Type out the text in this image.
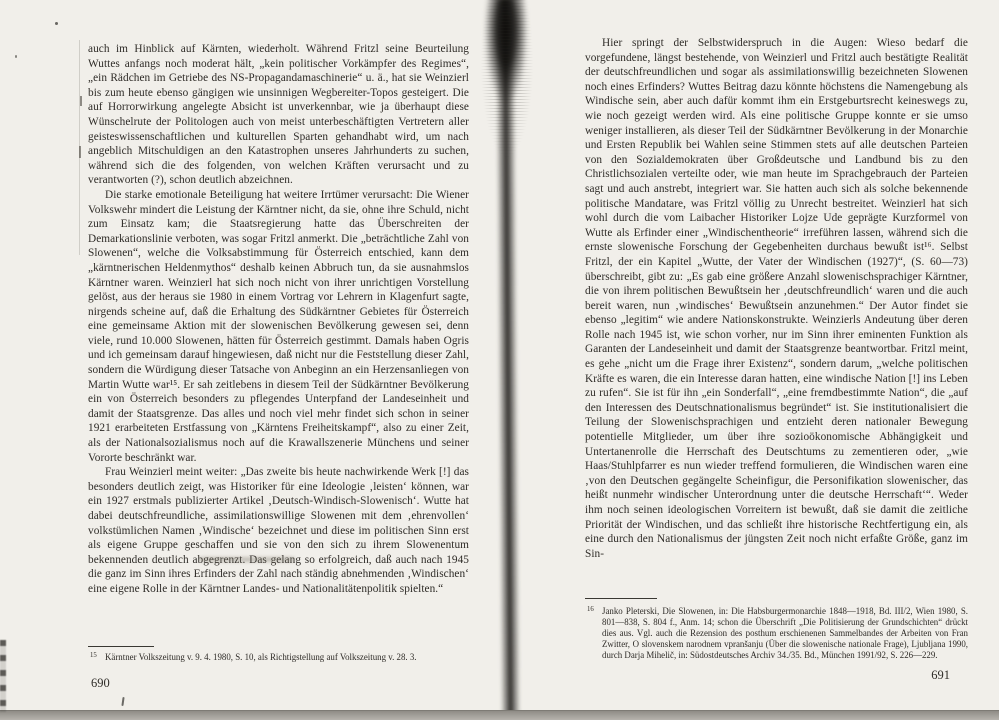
auch im Hinblick auf Kärnten, wiederholt. Während Fritzl seine Beurteilung Wuttes anfangs noch moderat hält, „kein politischer Vorkämpfer des Regimes“, „ein Rädchen im Getriebe des NS-Propagandamaschinerie“ u. ä., hat sie Weinzierl bis zum heute ebenso gängigen wie unsinnigen Wegbereiter-Topos gesteigert. Die auf Horrorwirkung angelegte Absicht ist unverkennbar, wie ja überhaupt diese Wünschelrute der Politologen auch von meist unterbeschäftigten Vertretern aller geisteswissenschaftlichen und kulturellen Sparten gehandhabt wird, um nach angeblich Mitschuldigen an den Katastrophen unseres Jahrhunderts zu suchen, während sich die des folgenden, von welchen Kräften verursacht und zu verantworten (?), schon deutlich abzeichnen.

Die starke emotionale Beteiligung hat weitere Irrtümer verursacht: Die Wiener Volkswehr mindert die Leistung der Kärntner nicht, da sie, ohne ihre Schuld, nicht zum Einsatz kam; die Staatsregierung hatte das Überschreiten der Demarkationslinie verboten, was sogar Fritzl anmerkt. Die „beträchtliche Zahl von Slowenen“, welche die Volksabstimmung für Österreich entschied, kann dem „kärntnerischen Heldenmythos“ deshalb keinen Abbruch tun, da sie ausnahmslos Kärntner waren. Weinzierl hat sich noch nicht von ihrer unrichtigen Vorstellung gelöst, aus der heraus sie 1980 in einem Vortrag vor Lehrern in Klagenfurt sagte, nirgends scheine auf, daß die Erhaltung des Südkärntner Gebietes für Österreich eine gemeinsame Aktion mit der slowenischen Bevölkerung gewesen sei, denn viele, rund 10.000 Slowenen, hätten für Österreich gestimmt. Damals haben Ogris und ich gemeinsam darauf hingewiesen, daß nicht nur die Feststellung dieser Zahl, sondern die Würdigung dieser Tatsache von Anbeginn an ein Herzensanliegen von Martin Wutte war¹⁵. Er sah zeitlebens in diesem Teil der Südkärntner Bevölkerung ein von Österreich besonders zu pflegendes Unterpfand der Landeseinheit und damit der Staatsgrenze. Das alles und noch viel mehr findet sich schon in seiner 1921 erarbeiteten Erstfassung von „Kärntens Freiheitskampf“, also zu einer Zeit, als der Nationalsozialismus noch auf die Krawallszenerie Münchens und seiner Vororte beschränkt war.

Frau Weinzierl meint weiter: „Das zweite bis heute nachwirkende Werk [!] das besonders deutlich zeigt, was Historiker für eine Ideologie ‚leisten‘ können, war ein 1927 erstmals publizierter Artikel ‚Deutsch-Windisch-Slowenisch‘. Wutte hat dabei deutschfreundliche, assimilationswillige Slowenen mit dem ‚ehrenvollen‘ volkstümlichen Namen ‚Windische‘ bezeichnet und diese im politischen Sinn erst als eigene Gruppe geschaffen und sie von den sich zu ihrem Slowenentum bekennenden deutlich abgegrenzt. Das gelang so erfolgreich, daß auch nach 1945 die ganz im Sinn ihres Erfinders der Zahl nach ständig abnehmenden ‚Windischen‘ eine eigene Rolle in der Kärntner Landes- und Nationalitätenpolitik spielten.“

15 Kärntner Volkszeitung v. 9. 4. 1980, S. 10, als Richtigstellung auf Volkszeitung v. 28. 3.
690

Hier springt der Selbstwiderspruch in die Augen: Wieso bedarf die vorgefundene, längst bestehende, von Weinzierl und Fritzl auch bestätigte Realität der deutschfreundlichen und sogar als assimilationswillig bezeichneten Slowenen noch eines Erfinders? Wuttes Beitrag dazu könnte höchstens die Namengebung als Windische sein, aber auch dafür kommt ihm ein Erstgeburtsrecht keineswegs zu, wie noch gezeigt werden wird. Als eine politische Gruppe konnte er sie umso weniger installieren, als dieser Teil der Südkärntner Bevölkerung in der Monarchie und Ersten Republik bei Wahlen seine Stimmen stets auf alle deutschen Parteien von den Sozialdemokraten über Großdeutsche und Landbund bis zu den Christlichsozialen verteilte oder, wie man heute im Sprachgebrauch der Parteien sagt und auch anstrebt, integriert war. Sie hatten auch sich als solche bekennende politische Mandatare, was Fritzl völlig zu Unrecht bestreitet. Weinzierl hat sich wohl durch die vom Laibacher Historiker Lojze Ude geprägte Kurzformel von Wutte als Erfinder einer „Windischentheorie“ irreführen lassen, während sich die ernste slowenische Forschung der Gegebenheiten durchaus bewußt ist¹⁶. Selbst Fritzl, der ein Kapitel „Wutte, der Vater der Windischen (1927)“, (S. 60—73) überschreibt, gibt zu: „Es gab eine größere Anzahl slowenischsprachiger Kärntner, die von ihrem politischen Bewußtsein her ‚deutschfreundlich‘ waren und die auch bereit waren, nun ‚windisches‘ Bewußtsein anzunehmen.“ Der Autor findet sie ebenso „legitim“ wie andere Nationskonstrukte. Weinzierls Andeutung über deren Rolle nach 1945 ist, wie schon vorher, nur im Sinn ihrer eminenten Funktion als Garanten der Landeseinheit und damit der Staatsgrenze beantwortbar. Fritzl meint, es gehe „nicht um die Frage ihrer Existenz“, sondern darum, „welche politischen Kräfte es waren, die ein Interesse daran hatten, eine windische Nation [!] ins Leben zu rufen“. Sie ist für ihn „ein Sonderfall“, „eine fremdbestimmte Nation“, die „auf den Interessen des Deutschnationalismus begründet“ ist. Sie institutionalisiert die Teilung der Slowenischsprachigen und entzieht deren nationaler Bewegung potentielle Mitglieder, um über ihre sozioökonomische Abhängigkeit und Untertanenrolle die Herrschaft des Deutschtums zu zementieren oder, „wie Haas/Stuhlpfarrer es nun wieder treffend formulieren, die Windischen waren eine ‚von den Deutschen gegängelte Scheinfigur, die Personifikation slowenischer, das heißt nunmehr windischer Unterordnung unter die deutsche Herrschaft‘“. Weder ihm noch seinen ideologischen Vorreitern ist bewußt, daß sie damit die zeitliche Priorität der Windischen, und das schließt ihre historische Rechtfertigung ein, als eine durch den Nationalismus der jüngsten Zeit noch nicht erfaßte Größe, ganz im Sin-

16 Janko Pleterski, Die Slowenen, in: Die Habsburgermonarchie 1848—1918, Bd. III/2, Wien 1980, S. 801—838, S. 804 f., Anm. 14; schon die Überschrift „Die Politisierung der Grundschichten“ drückt dies aus. Vgl. auch die Rezension des posthum erschienenen Sammelbandes der Arbeiten von Fran Zwitter, O slovenskem narodnem vpranšanju (Über die slowenische nationale Frage), Ljubljana 1990, durch Darja Mihelič, in: Südostdeutsches Archiv 34./35. Bd., München 1991/92, S. 226—229.
691
